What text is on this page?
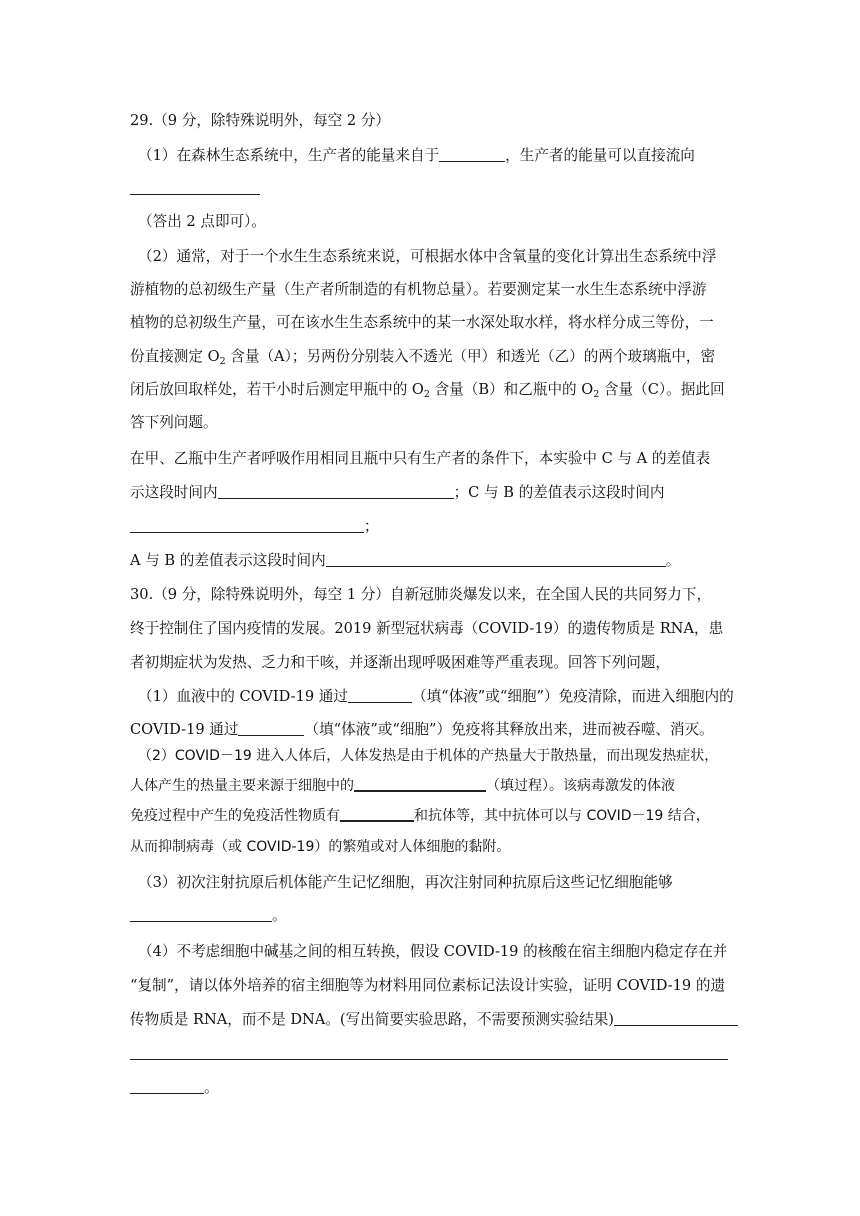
29.（9 分，除特殊说明外，每空 2 分）

（1）在森林生态系统中，生产者的能量来自于	，生产者的能量可以直接流向

（答出 2 点即可）。

（2）通常，对于一个水生生态系统来说，可根据水体中含氧量的变化计算出生态系统中浮

游植物的总初级生产量（生产者所制造的有机物总量）。若要测定某一水生生态系统中浮游

植物的总初级生产量，可在该水生生态系统中的某一水深处取水样，将水样分成三等份，一

份直接测定 $O_2$ 含量（A）；另两份分别装入不透光（甲）和透光（乙）的两个玻璃瓶中，密

闭后放回取样处，若干小时后测定甲瓶中的 $O_2$ 含量（B）和乙瓶中的 $O_2$ 含量（C）。据此回

答下列问题。

在甲、乙瓶中生产者呼吸作用相同且瓶中只有生产者的条件下，本实验中 C 与 A 的差值表

示这段时间内	；C 与 B 的差值表示这段时间内

；

A 与 B 的差值表示这段时间内	。

30.（9 分，除特殊说明外，每空 1 分）自新冠肺炎爆发以来，在全国人民的共同努力下，

终于控制住了国内疫情的发展。2019 新型冠状病毒（COVID-19）的遗传物质是 RNA，患

者初期症状为发热、乏力和干咳，并逐渐出现呼吸困难等严重表现。回答下列问题，

（1）血液中的 COVID-19 通过	（填“体液”或“细胞”）免疫清除，而进入细胞内的

COVID-19 通过	（填“体液”或“细胞”）免疫将其释放出来，进而被吞噬、消灭。

（2）COVID－19 进入人体后，人体发热是由于机体的产热量大于散热量，而出现发热症状，

人体产生的热量主要来源于细胞中的	（填过程）。该病毒激发的体液

免疫过程中产生的免疫活性物质有	和抗体等，其中抗体可以与 COVID－19 结合，

从而抑制病毒（或 COVID-19）的繁殖或对人体细胞的黏附。

（3）初次注射抗原后机体能产生记忆细胞，再次注射同种抗原后这些记忆细胞能够

。

（4）不考虑细胞中碱基之间的相互转换，假设 COVID-19 的核酸在宿主细胞内稳定存在并

“复制”，请以体外培养的宿主细胞等为材料用同位素标记法设计实验，证明 COVID-19 的遗

传物质是 RNA，而不是 DNA。(写出简要实验思路，不需要预测实验结果)

。
